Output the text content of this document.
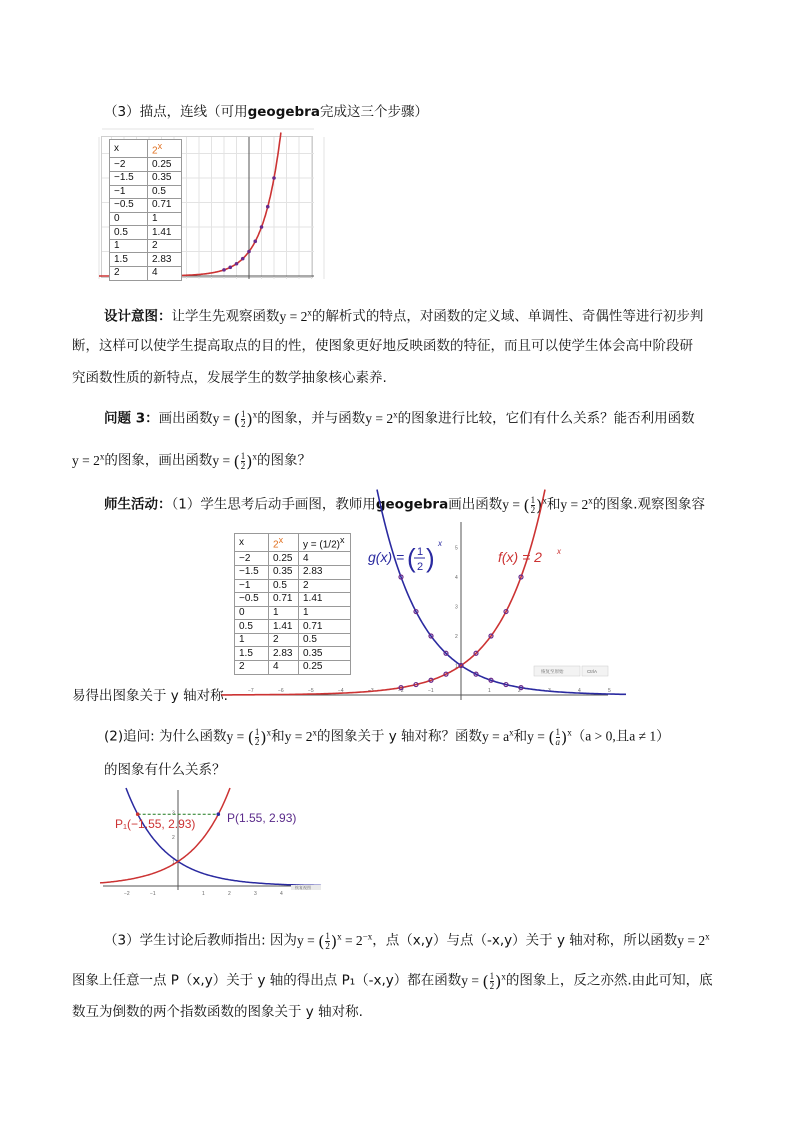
（3）描点，连线（可用geogebra完成这三个步骤）
x	2x
−2	0.25
−1.5	0.35
−1	0.5
−0.5	0.71
0	1
0.5	1.41
1	2
1.5	2.83
2	4
设计意图：让学生先观察函数$y = 2^x$的解析式的特点，对函数的定义域、单调性、奇偶性等进行初步判
断，这样可以使学生提高取点的目的性，使图象更好地反映函数的特征，而且可以使学生体会高中阶段研
究函数性质的新特点，发展学生的数学抽象核心素养.
问题 3：画出函数y = ( $\frac{1}{2} )^x$的图象，并与函数$y = 2^x$的图象进行比较，它们有什么关系？能否利用函数
$y = 2^x$的图象，画出函数y = ( $\frac{1}{2} )^x$的图象？
师生活动：（1）学生思考后动手画图，教师用geogebra画出函数y = ( $\frac{1}{2} )^x$和$y = 2^x$的图象.观察图象容
−7	−6	−5	−4	−3	−2	−1	1	2	3	4	5
1
2
3
4
5
g(x) = 1
2
( ) x
f(x) = 2 x
恢复至原始	CtrlA
x	2x	y = (1/2)x
−2	0.25	4
−1.5	0.35	2.83
−1	0.5	2
−0.5	0.71	1.41
0	1	1
0.5	1.41	0.71
1	2	0.5
1.5	2.83	0.35
2	4	0.25
易得出图象关于 y 轴对称.
(2)追问: 为什么函数y = ( $\frac{1}{2} )^x$和$y = 2^x$的图象关于 y 轴对称？函数$y = a^x$和y = ( $\frac{1}{a} )^x(a > 0$,且a ≠ 1）
的图象有什么关系？
−2	−1	1	2	3	4
1
2
3
P₁(−1.55, 2.93)	P(1.55, 2.93)
恢复视图
（3）学生讨论后教师指出: 因为y = ( $\frac{1}{2} )^x = 2^{-x}$，点（x,y）与点（-x,y）关于 y 轴对称，所以函数$y = 2^x$
图象上任意一点 P（x,y）关于 y 轴的得出点 P₁（-x,y）都在函数y = ( $\frac{1}{2} )^x$的图象上，反之亦然.由此可知，底
数互为倒数的两个指数函数的图象关于 y 轴对称.
